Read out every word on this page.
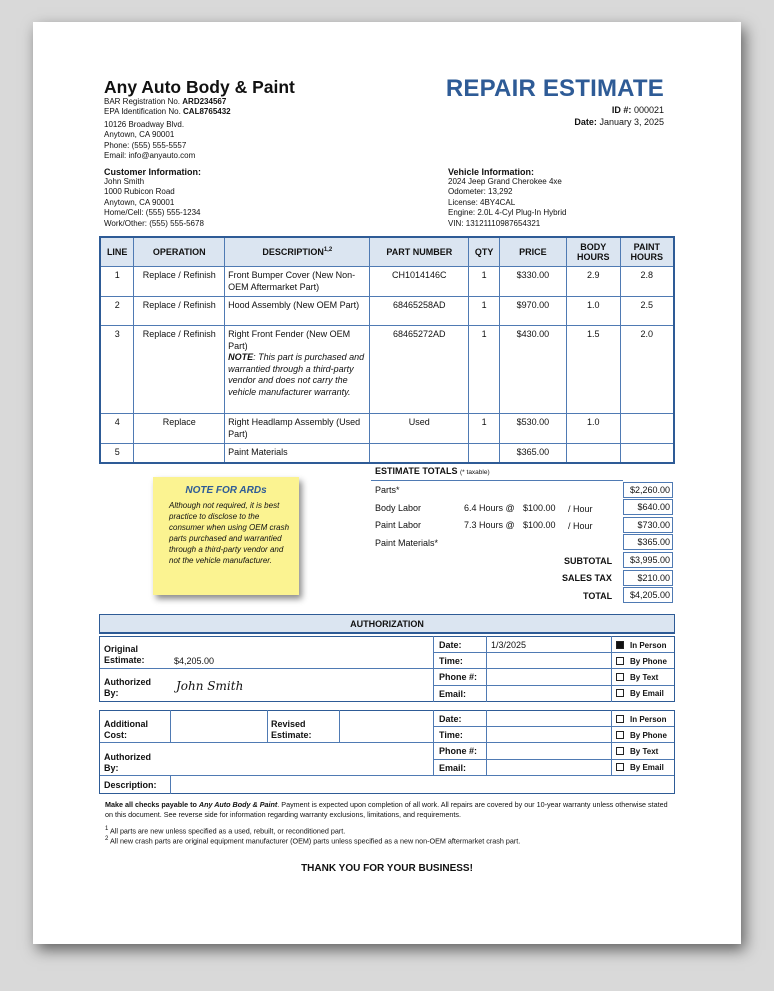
Any Auto Body & Paint
BAR Registration No. ARD234567
EPA Identification No. CAL8765432
10126 Broadway Blvd.
Anytown, CA 90001
Phone: (555) 555-5557
Email: info@anyauto.com
REPAIR ESTIMATE
ID #: 000021
Date: January 3, 2025
Customer Information:
John Smith
1000 Rubicon Road
Anytown, CA 90001
Home/Cell: (555) 555-1234
Work/Other: (555) 555-5678
Vehicle Information:
2024 Jeep Grand Cherokee 4xe
Odometer: 13,292
License: 4BY4CAL
Engine: 2.0L 4-Cyl Plug-In Hybrid
VIN: 13121110987654321
LINE	OPERATION	DESCRIPTION$^{1,2}$	PART NUMBER	QTY	PRICE	BODY HOURS	PAINT HOURS
1	Replace / Refinish	Front Bumper Cover (New Non-OEM Aftermarket Part)	CH1014146C	1	$330.00	2.9	2.8
2	Replace / Refinish	Hood Assembly (New OEM Part)	68465258AD	1	$970.00	1.0	2.5
3	Replace / Refinish	Right Front Fender (New OEM Part)
NOTE: This part is purchased and warrantied through a third-party vendor and does not carry the vehicle manufacturer warranty.	68465272AD	1	$430.00	1.5	2.0
4	Replace	Right Headlamp Assembly (Used Part)	Used	1	$530.00	1.0	
5		Paint Materials			$365.00		
NOTE FOR ARDs
Although not required, it is best practice to disclose to the consumer when using OEM crash parts purchased and warrantied through a third-party vendor and not the vehicle manufacturer.
ESTIMATE TOTALS (* taxable)
Parts*	$2,260.00
Body Labor	6.4 Hours @ $100.00 / Hour	$640.00
Paint Labor	7.3 Hours @ $100.00 / Hour	$730.00
Paint Materials*	$365.00
SUBTOTAL	$3,995.00
SALES TAX	$210.00
TOTAL	$4,205.00
AUTHORIZATION
Original Estimate:	$4,205.00
Authorized By:	John Smith
Date:	1/3/2025
Time:
Phone #:
Email:
In Person
By Phone
By Text
By Email
Additional Cost:
Revised Estimate:
Authorized By:
Description:
Date:
Time:
Phone #:
Email:
In Person
By Phone
By Text
By Email
Make all checks payable to Any Auto Body & Paint. Payment is expected upon completion of all work. All repairs are covered by our 10-year warranty unless otherwise stated on this document. See reverse side for information regarding warranty exclusions, limitations, and requirements.
$^1$ All parts are new unless specified as a used, rebuilt, or reconditioned part.
$^2$ All new crash parts are original equipment manufacturer (OEM) parts unless specified as a new non-OEM aftermarket crash part.
THANK YOU FOR YOUR BUSINESS!
